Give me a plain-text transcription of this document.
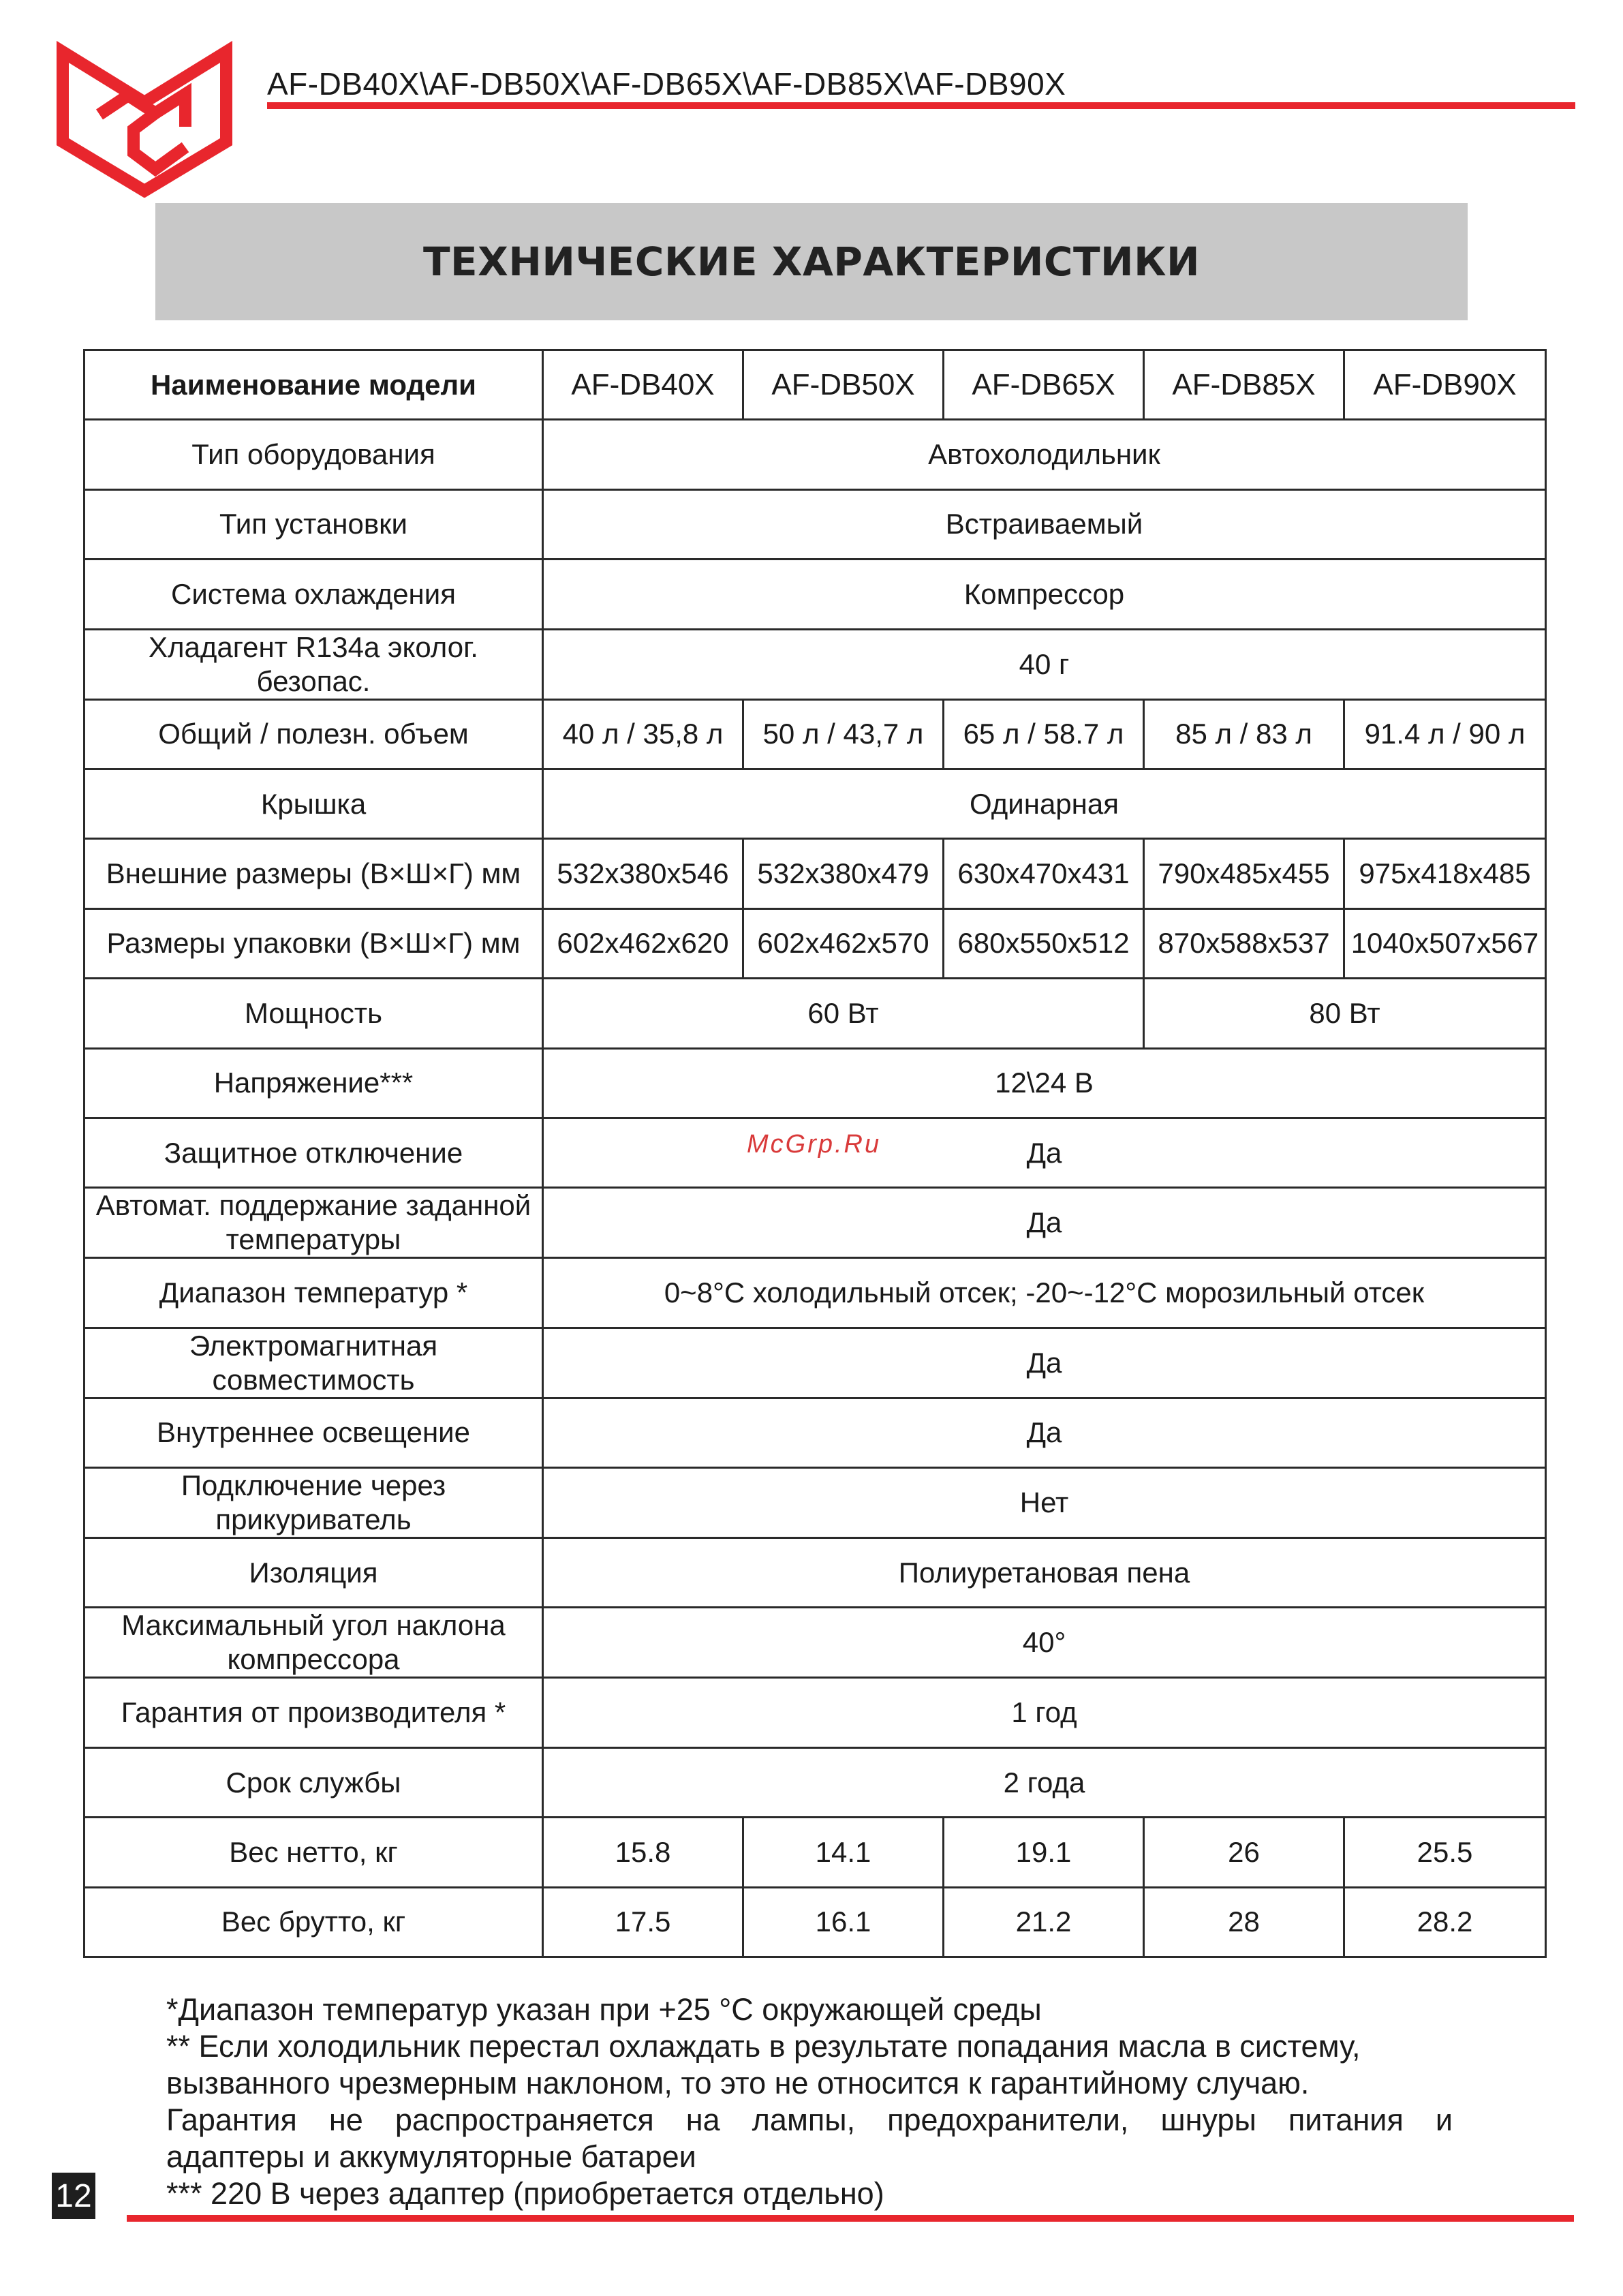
AF-DB40X\AF-DB50X\AF-DB65X\AF-DB85X\AF-DB90X
ТЕХНИЧЕСКИЕ ХАРАКТЕРИСТИКИ
Наименование модели	AF-DB40X	AF-DB50X	AF-DB65X	AF-DB85X	AF-DB90X
Тип оборудования	Автохолодильник				
Тип установки	Встраиваемый				
Система охлаждения	Компрессор				
Хладагент R134a эколог. безопас.	40 г				
Общий / полезн. объем	40 л / 35,8 л	50 л / 43,7 л	65 л / 58.7 л	85 л / 83 л	91.4 л / 90 л
Крышка	Одинарная				
Внешние размеры (В×Ш×Г) мм	532x380x546	532x380x479	630x470x431	790x485x455	975x418x485
Размеры упаковки (В×Ш×Г) мм	602x462x620	602x462x570	680x550x512	870x588x537	1040x507x567
Мощность	60 Вт			80 Вт	
Напряжение***	12\24 В				
Защитное отключение	Да				
Автомат. поддержание заданной температуры	Да				
Диапазон температур *	0~8°C холодильный отсек; -20~-12°C морозильный отсек				
Электромагнитная совместимость	Да				
Внутреннее освещение	Да				
Подключение через прикуриватель	Нет				
Изоляция	Полиуретановая пена				
Максимальный угол наклона компрессора	40°				
Гарантия от производителя *	1 год				
Срок службы	2 года				
Вес нетто, кг	15.8	14.1	19.1	26	25.5
Вес брутто, кг	17.5	16.1	21.2	28	28.2
McGrp.Ru
*Диапазон температур указан при +25 °С окружающей среды
** Если холодильник перестал охлаждать в результате попадания масла в систему,
вызванного чрезмерным наклоном, то это не относится к гарантийному случаю.
Гарантия не распространяется на лампы, предохранители, шнуры питания и
адаптеры и аккумуляторные батареи
*** 220 В через адаптер (приобретается отдельно)
12
